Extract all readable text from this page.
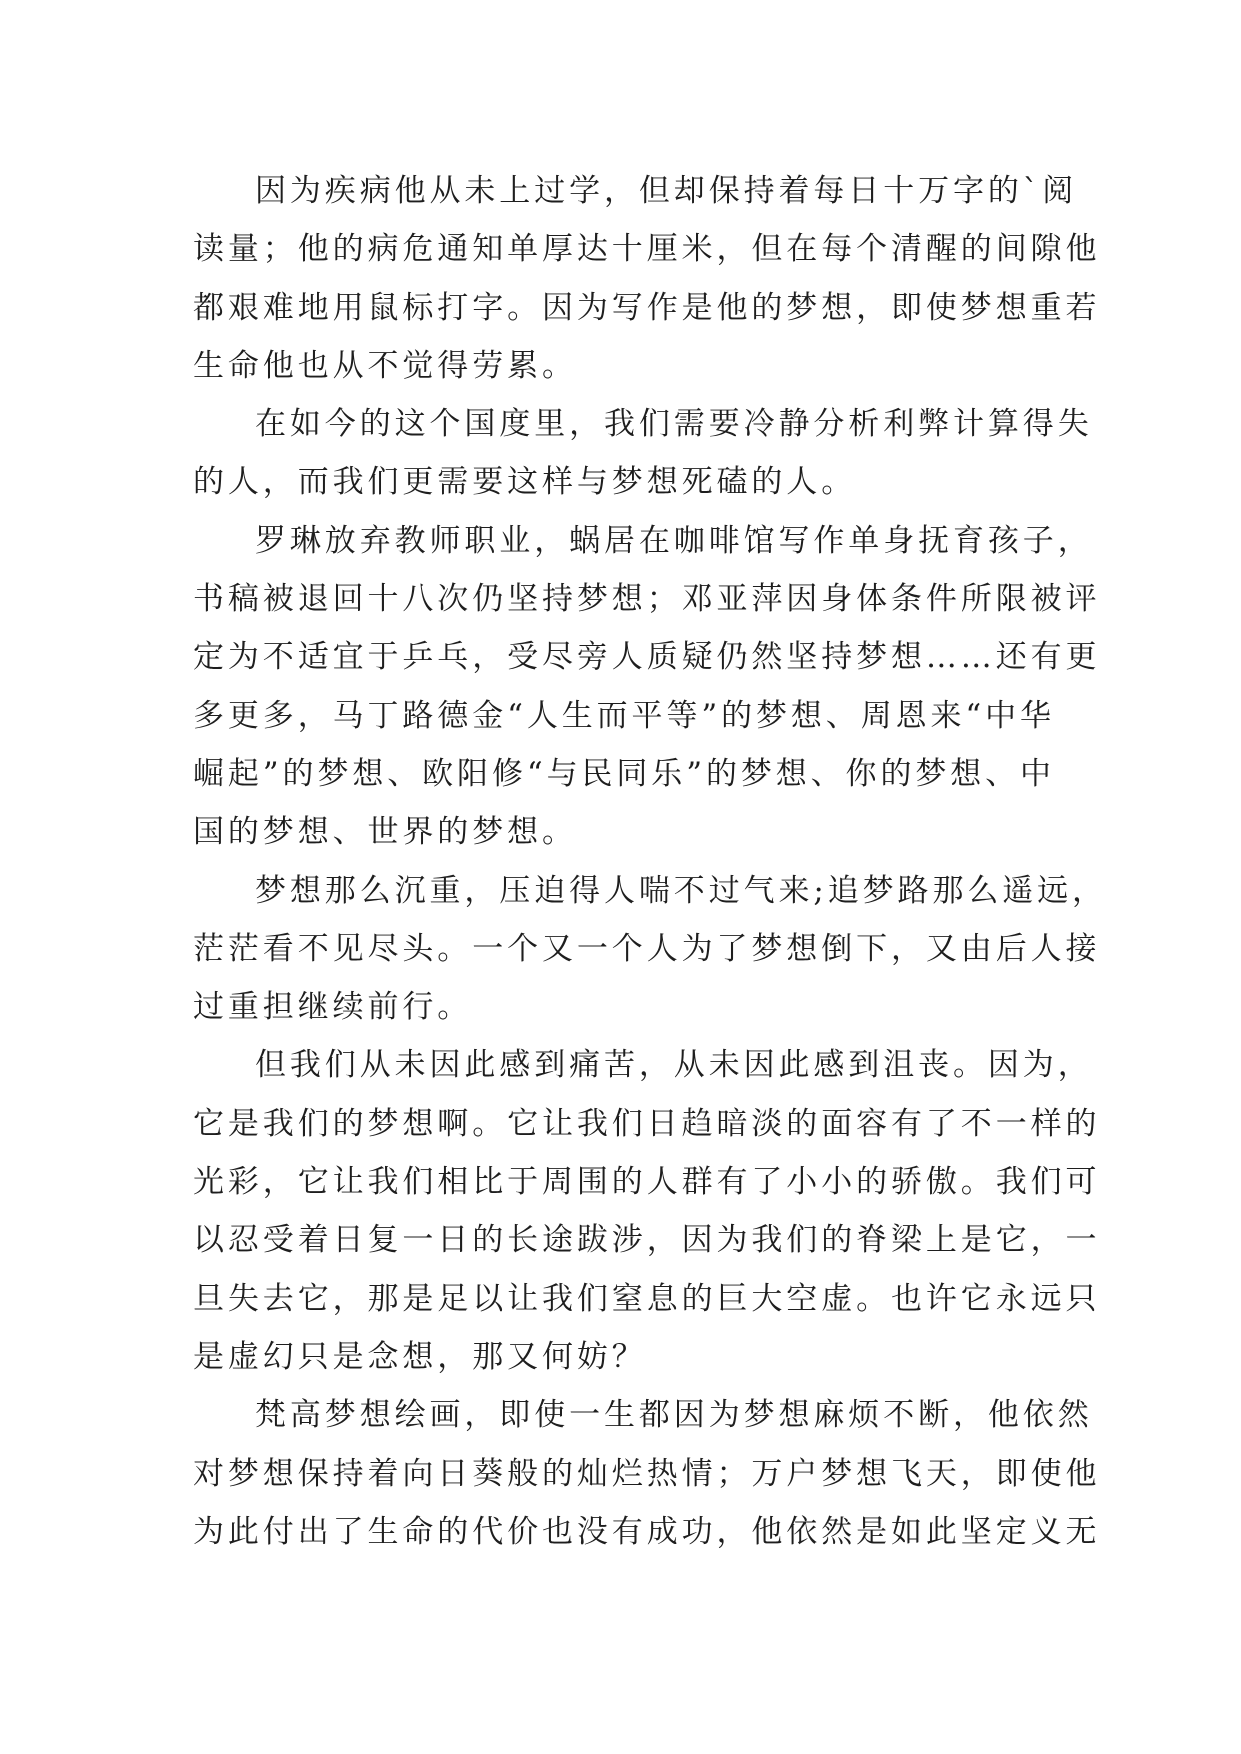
因为疾病他从未上过学，但却保持着每日十万字的`阅
读量；他的病危通知单厚达十厘米，但在每个清醒的间隙他
都艰难地用鼠标打字。因为写作是他的梦想，即使梦想重若
生命他也从不觉得劳累。
在如今的这个国度里，我们需要冷静分析利弊计算得失
的人，而我们更需要这样与梦想死磕的人。
罗琳放弃教师职业，蜗居在咖啡馆写作单身抚育孩子，
书稿被退回十八次仍坚持梦想；邓亚萍因身体条件所限被评
定为不适宜于乒乓，受尽旁人质疑仍然坚持梦想……还有更
多更多，马丁路德金“人生而平等”的梦想、周恩来“中华
崛起”的梦想、欧阳修“与民同乐”的梦想、你的梦想、中
国的梦想、世界的梦想。
梦想那么沉重，压迫得人喘不过气来;追梦路那么遥远，
茫茫看不见尽头。一个又一个人为了梦想倒下，又由后人接
过重担继续前行。
但我们从未因此感到痛苦，从未因此感到沮丧。因为，
它是我们的梦想啊。它让我们日趋暗淡的面容有了不一样的
光彩，它让我们相比于周围的人群有了小小的骄傲。我们可
以忍受着日复一日的长途跋涉，因为我们的脊梁上是它，一
旦失去它，那是足以让我们窒息的巨大空虚。也许它永远只
是虚幻只是念想，那又何妨？
梵高梦想绘画，即使一生都因为梦想麻烦不断，他依然
对梦想保持着向日葵般的灿烂热情；万户梦想飞天，即使他
为此付出了生命的代价也没有成功，他依然是如此坚定义无
